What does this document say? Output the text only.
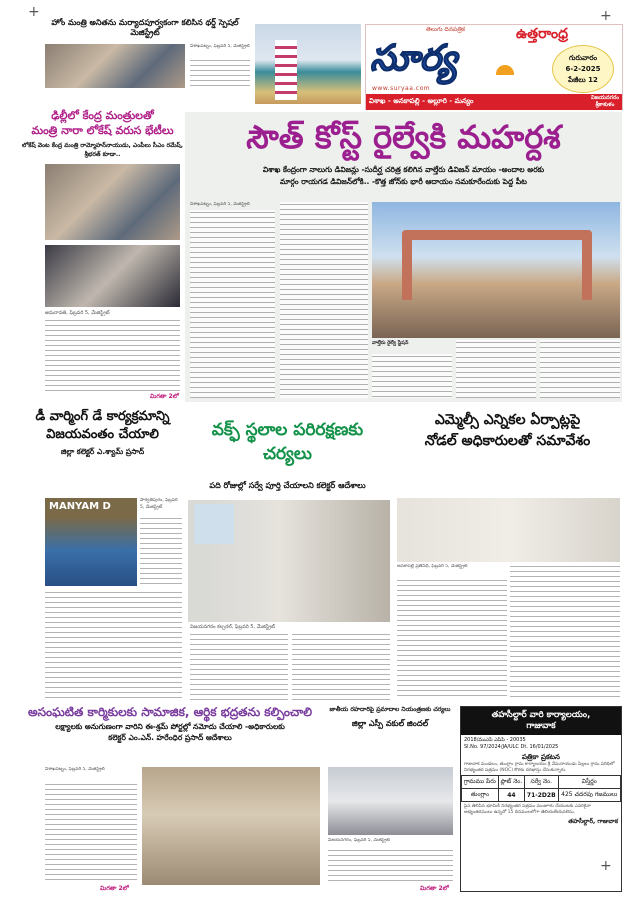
+	+
+
హోం మంత్రి అనితను మర్యాదపూర్వకంగా కలిసిన థర్డ్ స్పెషల్ మెజిస్ట్రేట్
విశాఖపట్నం, ఫిబ్రవరి 5, మేజిస్ట్రేట్
తెలుగు దినపత్రిక
సూర్య
ఉత్తరాంధ్ర
గురువారం
6-2-2025
పేజీలు 12
www.suryaa.com
విశాఖ - అనకాపల్లి - అల్లూరి - మన్యం	విజయనగరం
శ్రీకాకుళం
ఢిల్లీలో కేంద్ర మంత్రులతో
మంత్రి నారా లోకేష్ వరుస భేటీలు
లోకేష్ వెంట కేంద్ర మంత్రి రామ్మోహన్‌నాయుడు, ఎంపీలు సీఎం రమేష్, శ్రీభరత్ కూడా..
అమరావతి, ఫిబ్రవరి 5, మేజిస్ట్రేట్
మిగతా 2లో
సౌత్ కోస్ట్ రైల్వేకి మహర్దశ
విశాఖ కేంద్రంగా నాలుగు డివిజన్లు -సుదీర్ఘ చరిత్ర కలిగిన వాల్తేరు డివిజన్ మాయం -అందాల అరకు
మార్గం రాయగడ డివిజన్‌లోకి.. -కొత్త జోన్‌కు భారీ ఆదాయం సమకూరేందుకు పెద్ద పీట
విశాఖపట్నం, ఫిబ్రవరి 5, మేజిస్ట్రేట్
వాల్తేరు రైల్వే స్టేషన్
డీ వార్మింగ్ డే కార్యక్రమాన్ని
విజయవంతం చేయాలి
జిల్లా కలెక్టర్ ఎ.శ్యామ్ ప్రసాద్
MANYAM D
పార్వతీపురం, ఫిబ్రవరి 5, మేజిస్ట్రేట్
వక్ఫ్ స్థలాల పరిరక్షణకు చర్యలు
పది రోజుల్లో సర్వే పూర్తి చేయాలని కలెక్టర్ ఆదేశాలు
విజయనగరం కల్చరల్, ఫిబ్రవరి 5, మేజిస్ట్రేట్
ఎమ్మెల్సీ ఎన్నికల ఏర్పాట్లపై
నోడల్ అధికారులతో సమావేశం
అనకాపల్లి ప్రతినిధి, ఫిబ్రవరి 5, మేజిస్ట్రేట్
అసంఘటిత కార్మికులకు సామాజిక, ఆర్థిక భద్రతను కల్పించాలి
లక్ష్యాలకు అనుగుణంగా వారిని ఈ-శ్రమ్ పోర్టల్లో నమోదు చేయాలి -అధికారులకు
కలెక్టర్ ఎం.ఎన్. హరేంధిర ప్రసాద్ ఆదేశాలు
విశాఖపట్నం, ఫిబ్రవరి 5, మేజిస్ట్రేట్
మిగతా 2లో
జాతీయ రహదారిపై ప్రమాదాల నియంత్రణకు చర్యలు
జిల్లా ఎస్పీ వకుల్ జిందల్
విజయనగరం, ఫిబ్రవరి 5, మేజిస్ట్రేట్
మిగతా 2లో
తహసీల్దార్ వారి కార్యాలయం,
గాజువాక
2018/ముఎపి ఎపిపి - 20035
Sl.No. 97/2024/JA/ULC Dt. 16/01/2025
పత్రికా ప్రకటన
గాజువాక మండలం, తుంగ్లాం గ్రామ కార్యాలయం శ్రీ వేమనాయుడు పిల్లలు గ్రామ పరిధిలో నిరభ్యంతర పత్రము (NOC) కొరకు దరఖాస్తు చేసుకున్నారు.
గ్రామము పేరు	ప్లాట్ నెం.	సర్వే నెం.	విస్తీర్ణం
తుంగ్లాం	44	71-2D2B	425 చదరపు గజములు
పైన తెలిపిన భూమికి నిరభ్యంతర పత్రము మంజూరు చేయుటకు ఎవరికైనా అభ్యంతరములు ఉన్నచో 15 దినములలోగా తెలియజేయవలెను.
తహసీల్దార్, గాజువాక
